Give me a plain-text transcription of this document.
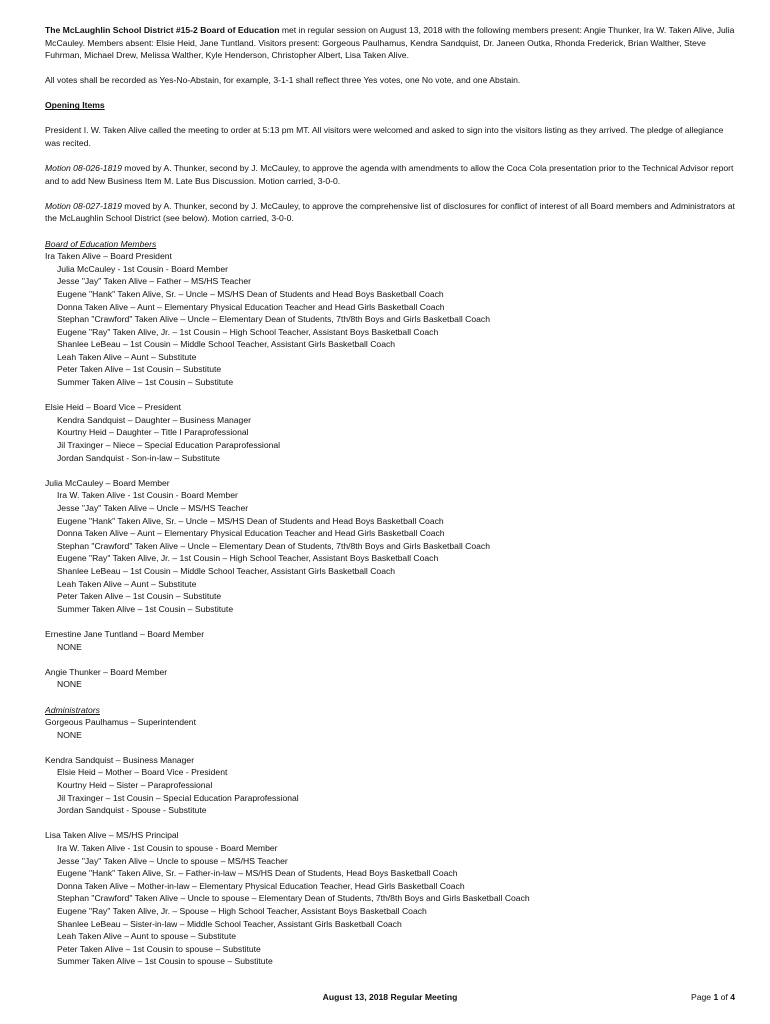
The McLaughlin School District #15-2 Board of Education met in regular session on August 13, 2018 with the following members present: Angie Thunker, Ira W. Taken Alive, Julia McCauley. Members absent: Elsie Heid, Jane Tuntland. Visitors present: Gorgeous Paulhamus, Kendra Sandquist, Dr. Janeen Outka, Rhonda Frederick, Brian Walther, Steve Fuhrman, Michael Drew, Melissa Walther, Kyle Henderson, Christopher Albert, Lisa Taken Alive.

All votes shall be recorded as Yes-No-Abstain, for example, 3-1-1 shall reflect three Yes votes, one No vote, and one Abstain.

Opening Items

President I. W. Taken Alive called the meeting to order at 5:13 pm MT. All visitors were welcomed and asked to sign into the visitors listing as they arrived. The pledge of allegiance was recited.

Motion 08-026-1819 moved by A. Thunker, second by J. McCauley, to approve the agenda with amendments to allow the Coca Cola presentation prior to the Technical Advisor report and to add New Business Item M. Late Bus Discussion. Motion carried, 3-0-0.

Motion 08-027-1819 moved by A. Thunker, second by J. McCauley, to approve the comprehensive list of disclosures for conflict of interest of all Board members and Administrators at the McLaughlin School District (see below). Motion carried, 3-0-0.

Board of Education Members
Ira Taken Alive – Board President
Julia McCauley - 1st Cousin - Board Member
Jesse "Jay" Taken Alive – Father – MS/HS Teacher
Eugene "Hank" Taken Alive, Sr. – Uncle – MS/HS Dean of Students and Head Boys Basketball Coach
Donna Taken Alive – Aunt – Elementary Physical Education Teacher and Head Girls Basketball Coach
Stephan "Crawford" Taken Alive – Uncle – Elementary Dean of Students, 7th/8th Boys and Girls Basketball Coach
Eugene "Ray" Taken Alive, Jr. – 1st Cousin – High School Teacher, Assistant Boys Basketball Coach
Shanlee LeBeau – 1st Cousin – Middle School Teacher, Assistant Girls Basketball Coach
Leah Taken Alive – Aunt – Substitute
Peter Taken Alive – 1st Cousin – Substitute
Summer Taken Alive – 1st Cousin – Substitute
Elsie Heid – Board Vice – President
Kendra Sandquist – Daughter – Business Manager
Kourtny Heid – Daughter – Title I Paraprofessional
Jil Traxinger – Niece – Special Education Paraprofessional
Jordan Sandquist - Son-in-law – Substitute
Julia McCauley – Board Member
Ira W. Taken Alive - 1st Cousin - Board Member
Jesse "Jay" Taken Alive – Uncle – MS/HS Teacher
Eugene "Hank" Taken Alive, Sr. – Uncle – MS/HS Dean of Students and Head Boys Basketball Coach
Donna Taken Alive – Aunt – Elementary Physical Education Teacher and Head Girls Basketball Coach
Stephan "Crawford" Taken Alive – Uncle – Elementary Dean of Students, 7th/8th Boys and Girls Basketball Coach
Eugene "Ray" Taken Alive, Jr. – 1st Cousin – High School Teacher, Assistant Boys Basketball Coach
Shanlee LeBeau – 1st Cousin – Middle School Teacher, Assistant Girls Basketball Coach
Leah Taken Alive – Aunt – Substitute
Peter Taken Alive – 1st Cousin – Substitute
Summer Taken Alive – 1st Cousin – Substitute
Ernestine Jane Tuntland – Board Member
NONE
Angie Thunker – Board Member
NONE
Administrators
Gorgeous Paulhamus – Superintendent
NONE
Kendra Sandquist – Business Manager
Elsie Heid – Mother – Board Vice - President
Kourtny Heid – Sister – Paraprofessional
Jil Traxinger – 1st Cousin – Special Education Paraprofessional
Jordan Sandquist - Spouse - Substitute
Lisa Taken Alive – MS/HS Principal
Ira W. Taken Alive - 1st Cousin to spouse - Board Member
Jesse "Jay" Taken Alive – Uncle to spouse – MS/HS Teacher
Eugene "Hank" Taken Alive, Sr. – Father-in-law – MS/HS Dean of Students, Head Boys Basketball Coach
Donna Taken Alive – Mother-in-law – Elementary Physical Education Teacher, Head Girls Basketball Coach
Stephan "Crawford" Taken Alive – Uncle to spouse – Elementary Dean of Students, 7th/8th Boys and Girls Basketball Coach
Eugene "Ray" Taken Alive, Jr. – Spouse – High School Teacher, Assistant Boys Basketball Coach
Shanlee LeBeau – Sister-in-law – Middle School Teacher, Assistant Girls Basketball Coach
Leah Taken Alive – Aunt to spouse – Substitute
Peter Taken Alive – 1st Cousin to spouse – Substitute
Summer Taken Alive – 1st Cousin to spouse – Substitute
August 13, 2018 Regular Meeting	Page 1 of 4
